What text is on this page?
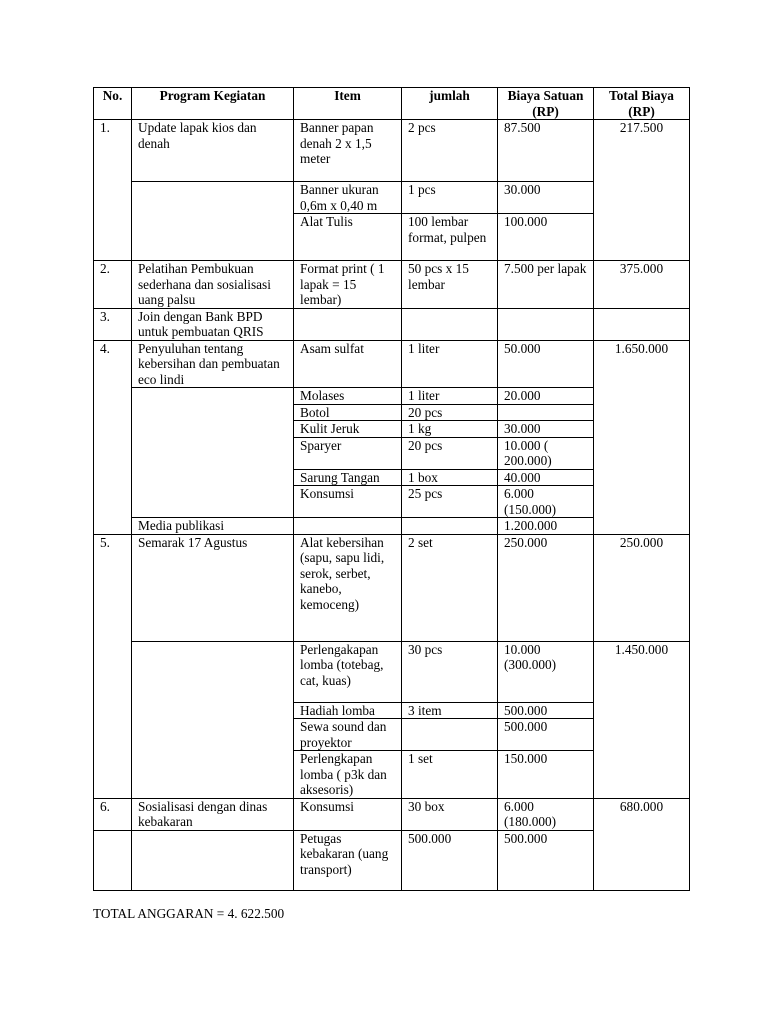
No.	Program Kegiatan	Item	jumlah	Biaya Satuan (RP)	Total Biaya (RP)
1.	Update lapak kios dan denah	Banner papan denah 2 x 1,5 meter	2 pcs	87.500	217.500
		Banner ukuran 0,6m x 0,40 m	1 pcs	30.000	
		Alat Tulis	100 lembar format, pulpen	100.000	
2.	Pelatihan Pembukuan sederhana dan sosialisasi uang palsu	Format print ( 1 lapak = 15 lembar)	50 pcs x 15 lembar	7.500 per lapak	375.000
3.	Join dengan Bank BPD untuk pembuatan QRIS				
4.	Penyuluhan tentang kebersihan dan pembuatan eco lindi	Asam sulfat	1 liter	50.000	1.650.000
		Molases	1 liter	20.000	
		Botol	20 pcs		
		Kulit Jeruk	1 kg	30.000	
		Sparyer	20 pcs	10.000 ( 200.000)	
		Sarung Tangan	1 box	40.000	
		Konsumsi	25 pcs	6.000 (150.000)	
	Media publikasi			1.200.000	
5.	Semarak 17 Agustus	Alat kebersihan (sapu, sapu lidi, serok, serbet, kanebo, kemoceng)	2 set	250.000	250.000
		Perlengakapan lomba (totebag, cat, kuas)	30 pcs	10.000 (300.000)	1.450.000
		Hadiah lomba	3 item	500.000	
		Sewa sound dan proyektor		500.000	
		Perlengkapan lomba ( p3k dan aksesoris)	1 set	150.000	
6.	Sosialisasi dengan dinas kebakaran	Konsumsi	30 box	6.000 (180.000)	680.000
		Petugas kebakaran (uang transport)	500.000	500.000	
TOTAL ANGGARAN = 4. 622.500
